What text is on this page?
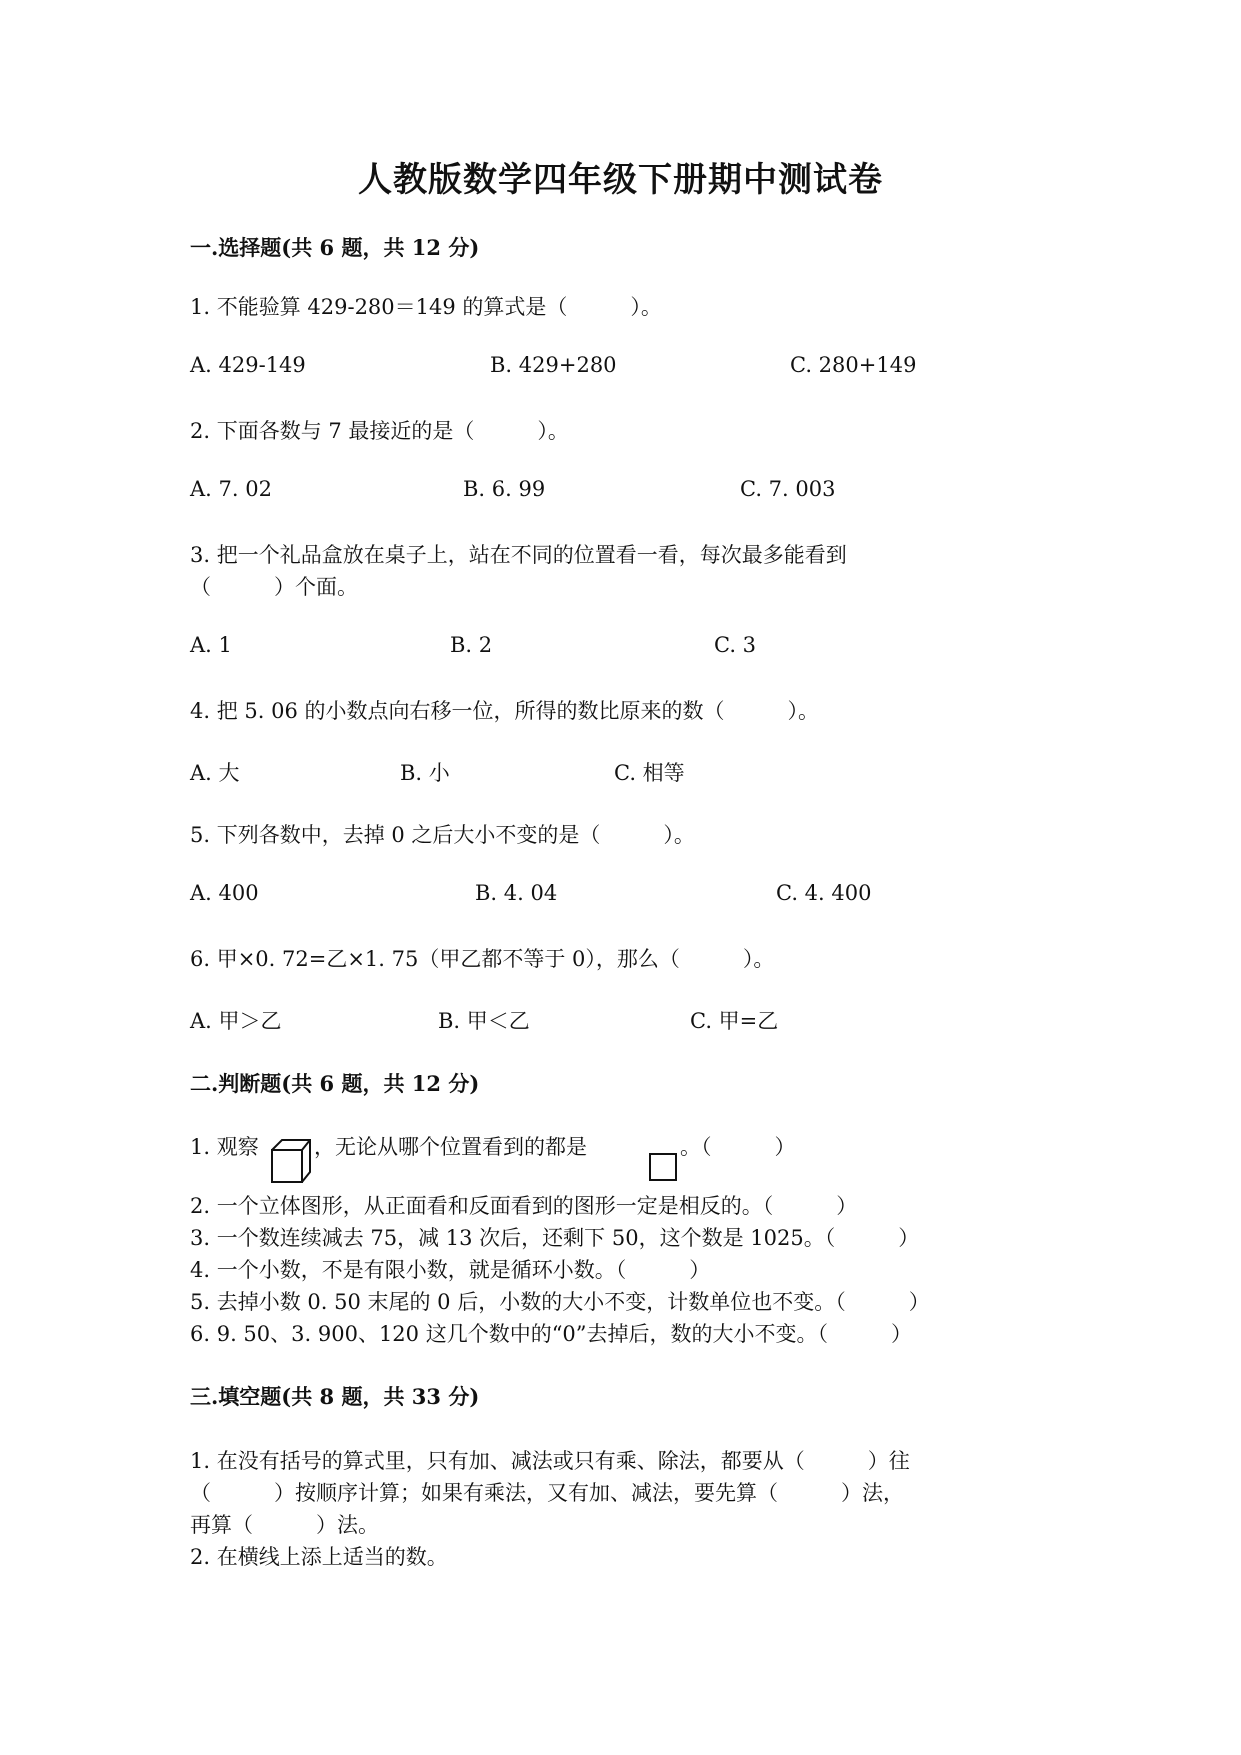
人教版数学四年级下册期中测试卷
一.选择题(共 6 题，共 12 分)
1. 不能验算 429-280＝149 的算式是（　　　）。
A. 429-149	B. 429+280	C. 280+149
2. 下面各数与 7 最接近的是（　　　）。
A. 7. 02	B. 6. 99	C. 7. 003
3. 把一个礼品盒放在桌子上，站在不同的位置看一看，每次最多能看到
（　　　）个面。
A. 1	B. 2	C. 3
4. 把 5. 06 的小数点向右移一位，所得的数比原来的数（　　　）。
A. 大	B. 小	C. 相等
5. 下列各数中，去掉 0 之后大小不变的是（　　　）。
A. 400	B. 4. 04	C. 4. 400
6. 甲×0. 72=乙×1. 75（甲乙都不等于 0），那么（　　　）。
A. 甲＞乙	B. 甲＜乙	C. 甲=乙
二.判断题(共 6 题，共 12 分)
1. 观察	，无论从哪个位置看到的都是	。（　　　）
2. 一个立体图形，从正面看和反面看到的图形一定是相反的。（　　　）
3. 一个数连续减去 75，减 13 次后，还剩下 50，这个数是 1025。（　　　）
4. 一个小数，不是有限小数，就是循环小数。（　　　）
5. 去掉小数 0. 50 末尾的 0 后，小数的大小不变，计数单位也不变。（　　　）
6. 9. 50、3. 900、120 这几个数中的“0”去掉后，数的大小不变。（　　　）
三.填空题(共 8 题，共 33 分)
1. 在没有括号的算式里，只有加、减法或只有乘、除法，都要从（　　　）往
（　　　）按顺序计算；如果有乘法，又有加、减法，要先算（　　　）法，
再算（　　　）法。
2. 在横线上添上适当的数。
